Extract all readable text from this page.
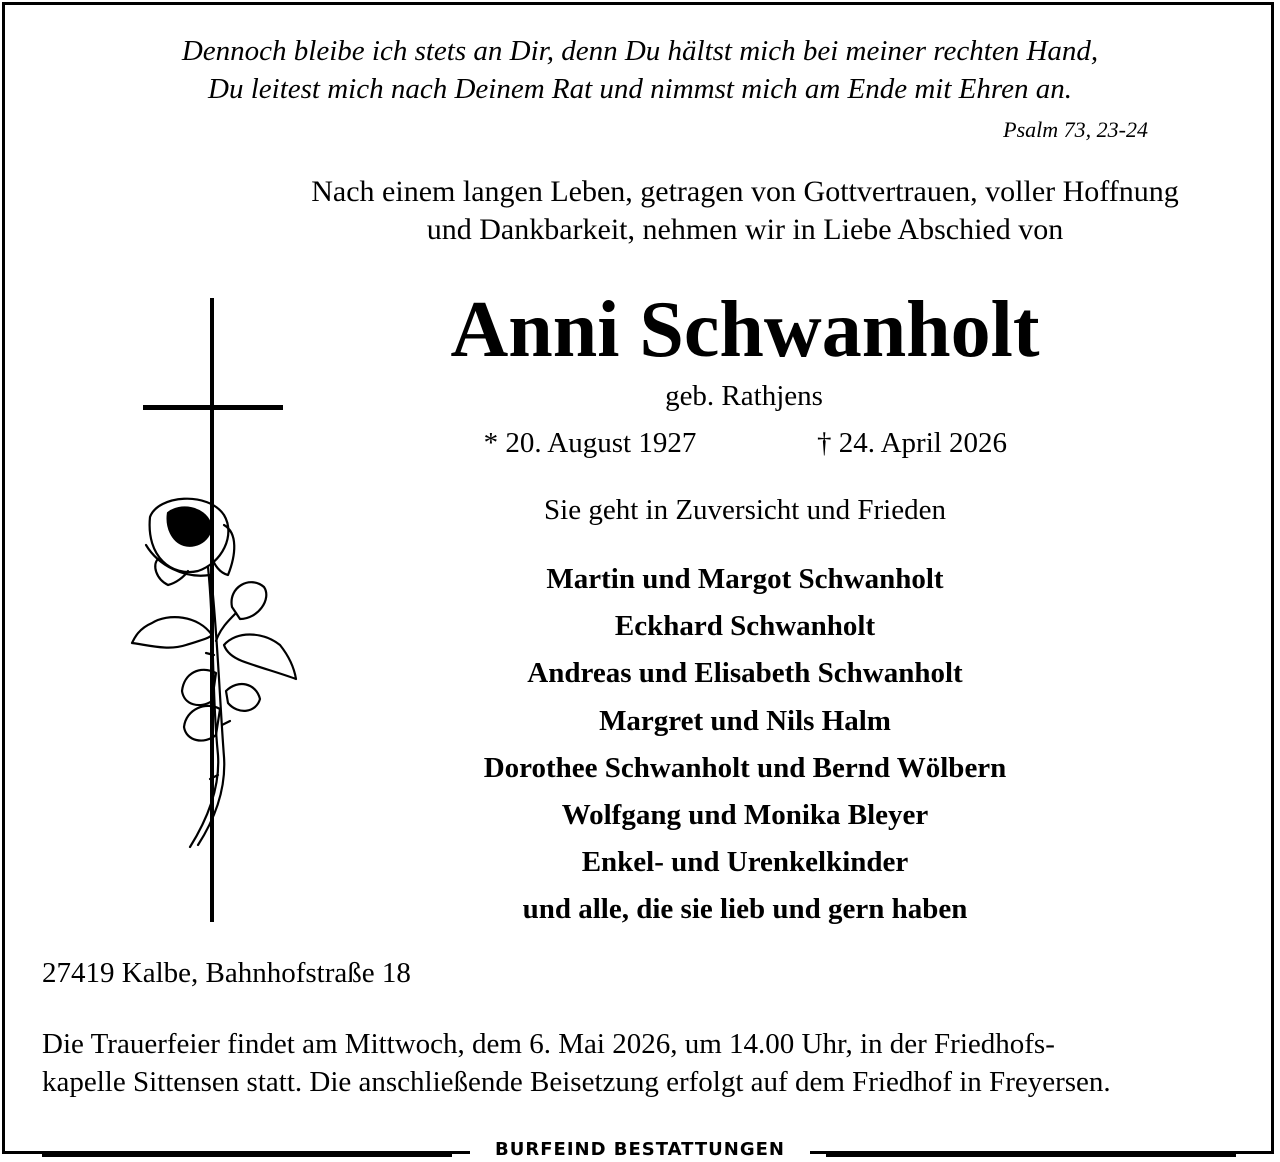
Dennoch bleibe ich stets an Dir, denn Du hältst mich bei meiner rechten Hand,
Du leitest mich nach Deinem Rat und nimmst mich am Ende mit Ehren an.
Psalm 73, 23-24
Nach einem langen Leben, getragen von Gottvertrauen, voller Hoffnung
und Dankbarkeit, nehmen wir in Liebe Abschied von
Anni Schwanholt
geb. Rathjens
* 20. August 1927	† 24. April 2026
Sie geht in Zuversicht und Frieden
Martin und Margot Schwanholt
Eckhard Schwanholt
Andreas und Elisabeth Schwanholt
Margret und Nils Halm
Dorothee Schwanholt und Bernd Wölbern
Wolfgang und Monika Bleyer
Enkel- und Urenkelkinder
und alle, die sie lieb und gern haben
27419 Kalbe, Bahnhofstraße 18
Die Trauerfeier findet am Mittwoch, dem 6. Mai 2026, um 14.00 Uhr, in der Friedhofs-
kapelle Sittensen statt. Die anschließende Beisetzung erfolgt auf dem Friedhof in Freyersen.
BURFEIND BESTATTUNGEN
